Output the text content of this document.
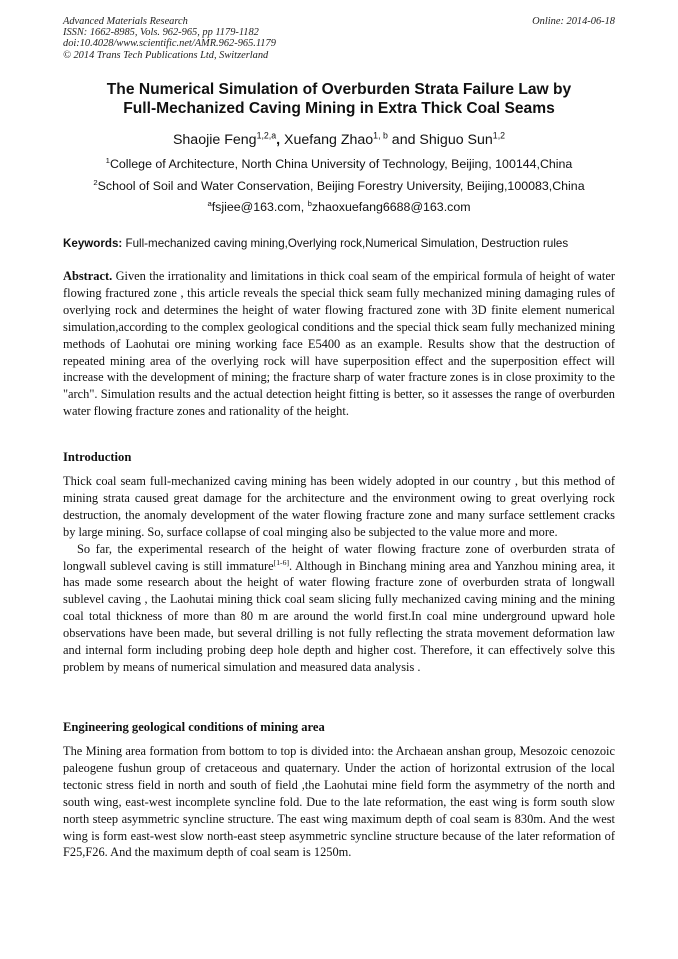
Advanced Materials Research
ISSN: 1662-8985, Vols. 962-965, pp 1179-1182
doi:10.4028/www.scientific.net/AMR.962-965.1179
© 2014 Trans Tech Publications Ltd, Switzerland
Online: 2014-06-18
The Numerical Simulation of Overburden Strata Failure Law by
Full-Mechanized Caving Mining in Extra Thick Coal Seams
Shaojie Feng$^{1,2,a}$, Xuefang Zhao$^{1, b}$ and Shiguo Sun$^{1,2}$
$^1$College of Architecture, North China University of Technology, Beijing, 100144,China
$^2$School of Soil and Water Conservation, Beijing Forestry University, Beijing,100083,China
$^a$fsjiee@163.com, $^b$zhaoxuefang6688@163.com
Keywords: Full-mechanized caving mining,Overlying rock,Numerical Simulation, Destruction rules

Abstract. Given the irrationality and limitations in thick coal seam of the empirical formula of height of water flowing fractured zone , this article reveals the special thick seam fully mechanized mining damaging rules of overlying rock and determines the height of water flowing fractured zone with 3D finite element numerical simulation,according to the complex geological conditions and the special thick seam fully mechanized mining methods of Laohutai ore mining working face E5400 as an example. Results show that the destruction of repeated mining area of the overlying rock will have superposition effect and the superposition effect will increase with the development of mining; the fracture sharp of water fracture zones is in close proximity to the "arch". Simulation results and the actual detection height fitting is better, so it assesses the range of overburden water flowing fracture zones and rationality of the height.

Introduction

Thick coal seam full-mechanized caving mining has been widely adopted in our country , but this method of mining strata caused great damage for the architecture and the environment owing to great overlying rock destruction, the anomaly development of the water flowing fracture zone and many surface settlement cracks by large mining. So, surface collapse of coal minging also be subjected to the value more and more.

So far, the experimental research of the height of water flowing fracture zone of overburden strata of longwall sublevel caving is still immature[1-6]. Although in Binchang mining area and Yanzhou mining area, it has made some research about the height of water flowing fracture zone of overburden strata of longwall sublevel caving , the Laohutai mining thick coal seam slicing fully mechanized caving mining and the mining coal total thickness of more than 80 m are around the world first.In coal mine underground upward hole observations have been made, but several drilling is not fully reflecting the strata movement deformation law and internal form including probing deep hole depth and higher cost. Therefore, it can effectively solve this problem by means of numerical simulation and measured data analysis .

Engineering geological conditions of mining area

The Mining area formation from bottom to top is divided into: the Archaean anshan group, Mesozoic cenozoic paleogene fushun group of cretaceous and quaternary. Under the action of horizontal extrusion of the local tectonic stress field in north and south of field ,the Laohutai mine field form the asymmetry of the north and south wing, east-west incomplete syncline fold. Due to the late reformation, the east wing is form south slow north steep asymmetric syncline structure. The east wing maximum depth of coal seam is 830m. And the west wing is form east-west slow north-east steep asymmetric syncline structure because of the later reformation of F25,F26. And the maximum depth of coal seam is 1250m.
